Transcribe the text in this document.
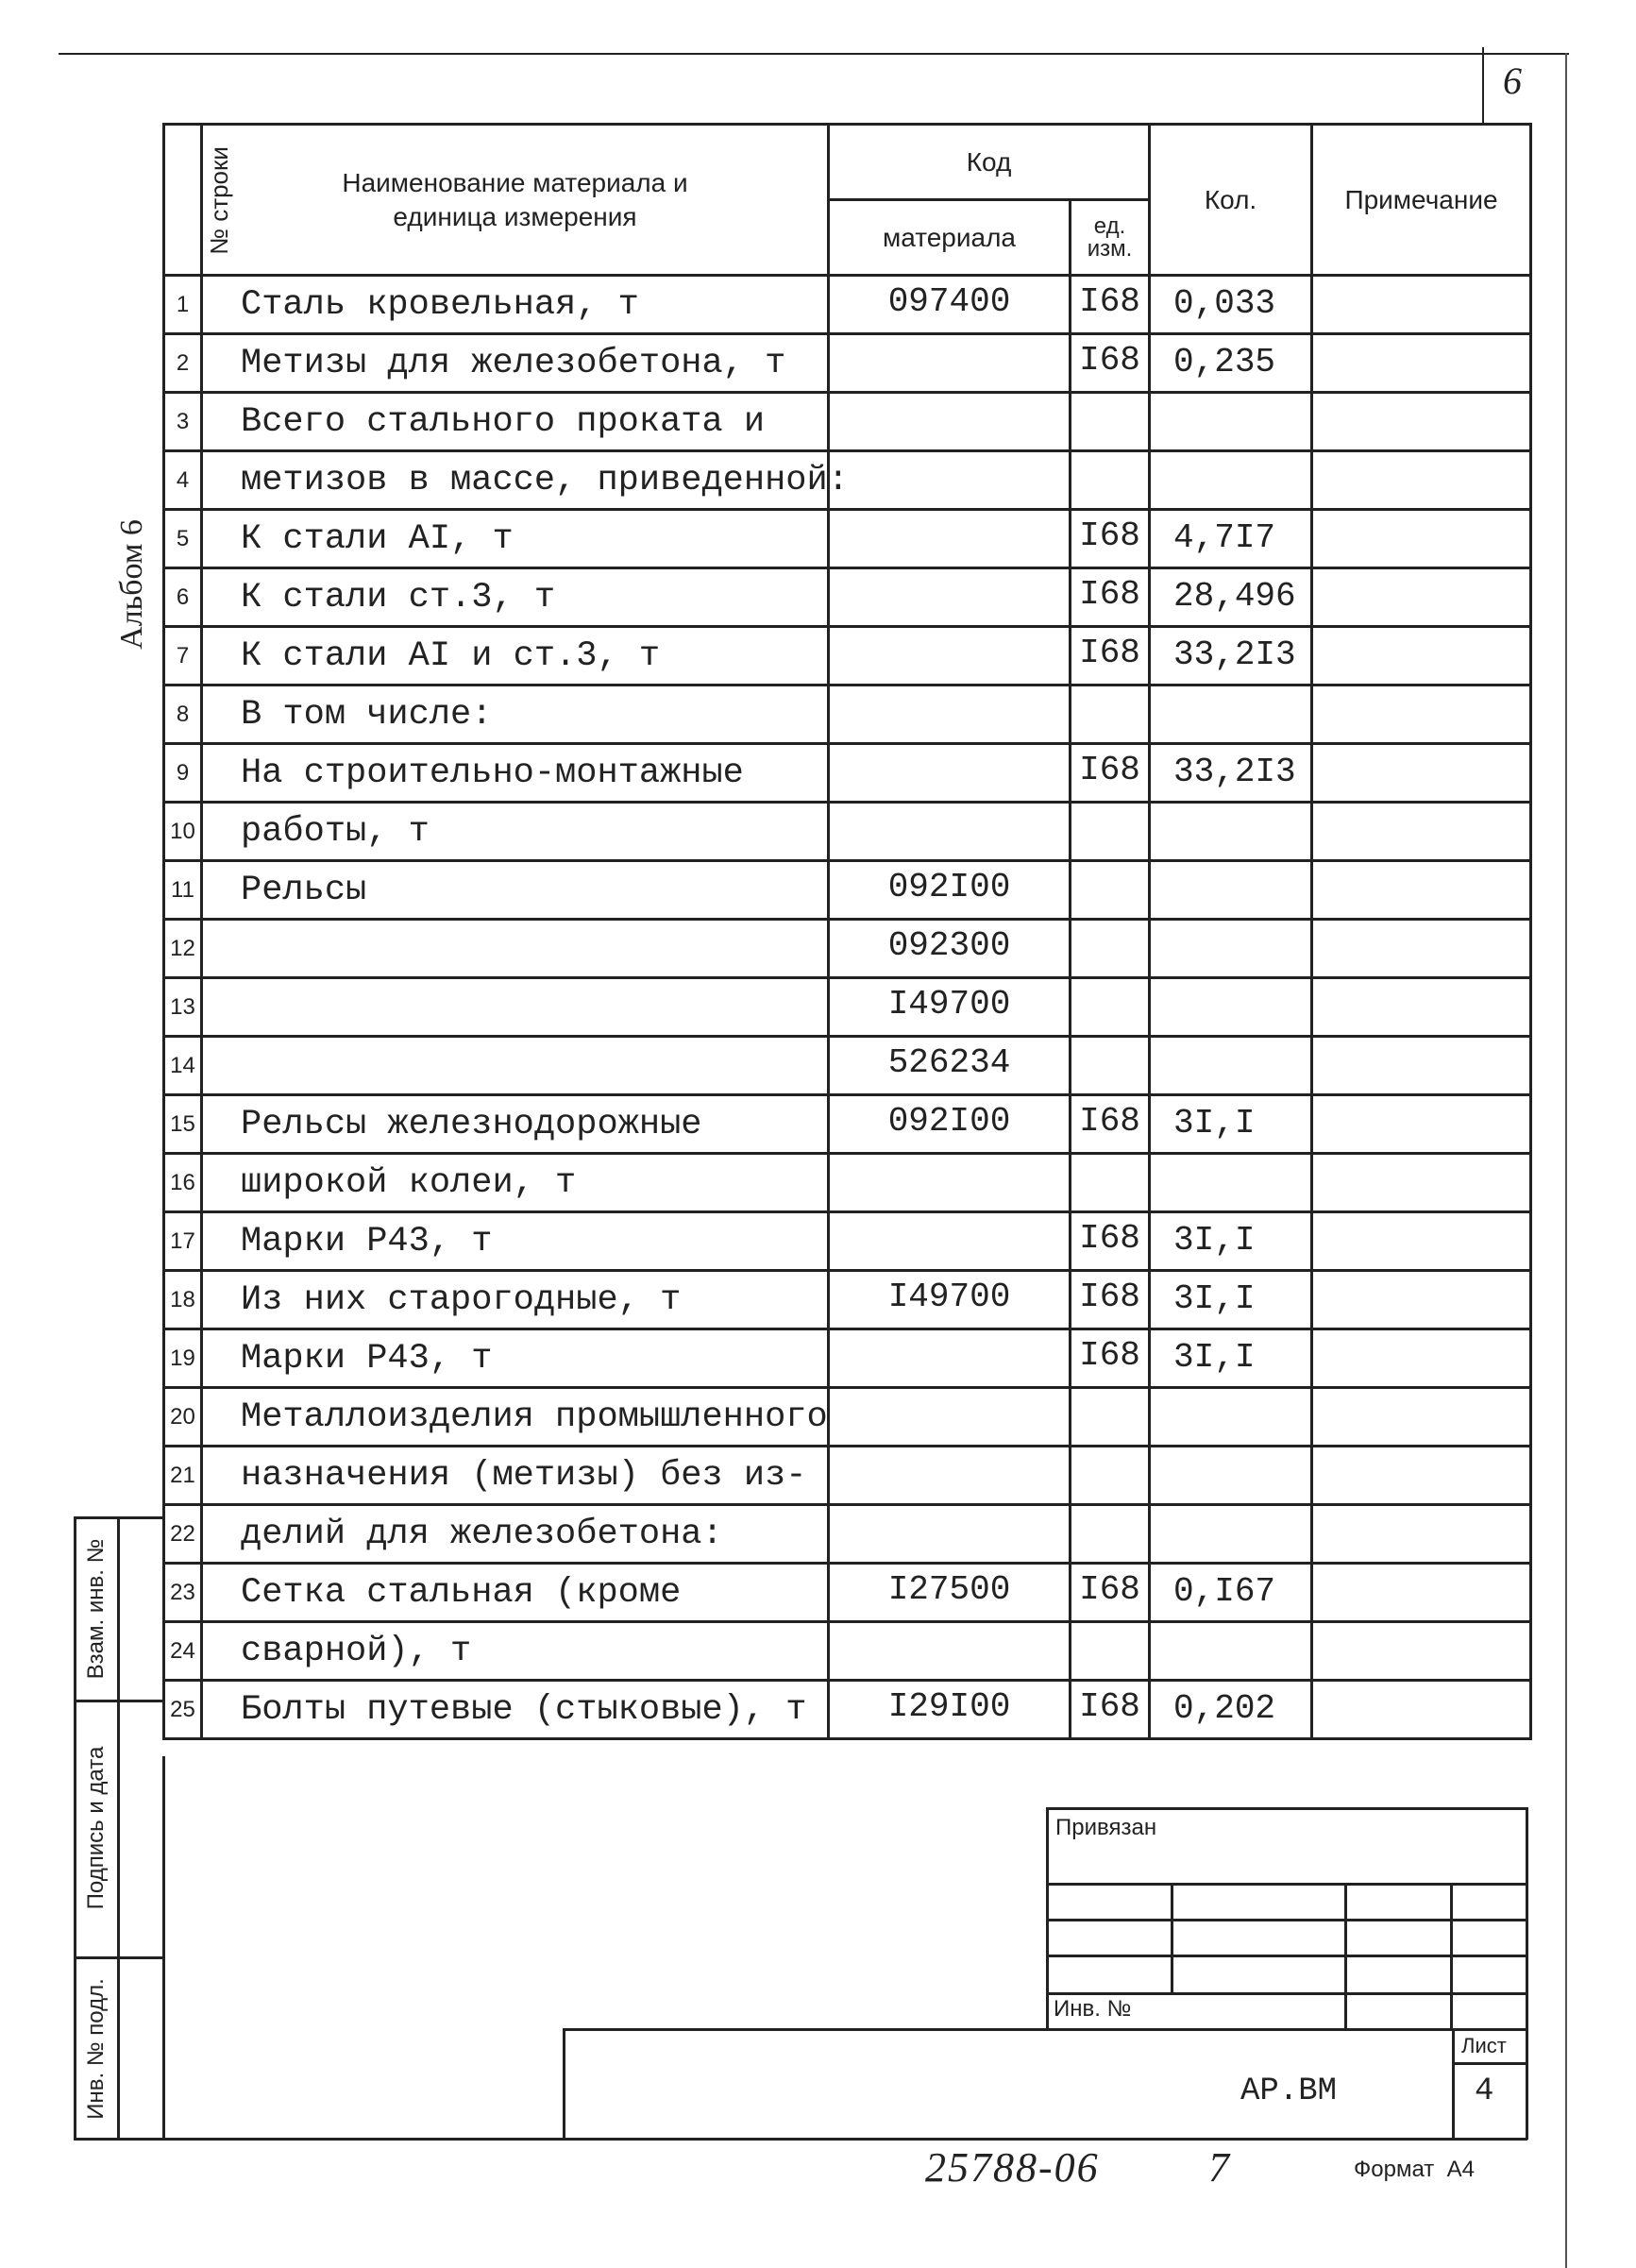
6
Альбом 6
№ строки	Наименование материала и единица измерения	Код		Кол.	Примечание
		материала	ед. изм.		
1	Сталь кровельная, т	097400	I68	0,033	
2	Метизы для железобетона, т		I68	0,235	
3	Всего стального проката и				
4	метизов в массе, приведенной:				
5	К стали АI, т		I68	4,7I7	
6	К стали ст.3, т		I68	28,496	
7	К стали АI и ст.3, т		I68	33,2I3	
8	В том числе:				
9	На строительно-монтажные		I68	33,2I3	
10	работы, т				
11	Рельсы	092I00			
12		092300			
13		I49700			
14		526234			
15	Рельсы железнодорожные	092I00	I68	3I,I	
16	широкой колеи, т				
17	Марки Р43, т		I68	3I,I	
18	Из них старогодные, т	I49700	I68	3I,I	
19	Марки Р43, т		I68	3I,I	
20	Металлоизделия промышленного				
21	назначения (метизы) без из-				
22	делий для железобетона:				
23	Сетка стальная (кроме	I27500	I68	0,I67	
24	сварной), т				
25	Болты путевые (стыковые), т	I29I00	I68	0,202	
Взам. инв. №
Подпись и дата
Инв. № подл.
Привязан
Инв. №
Лист
4
АР.ВМ
25788-06	7	Формат  А4
